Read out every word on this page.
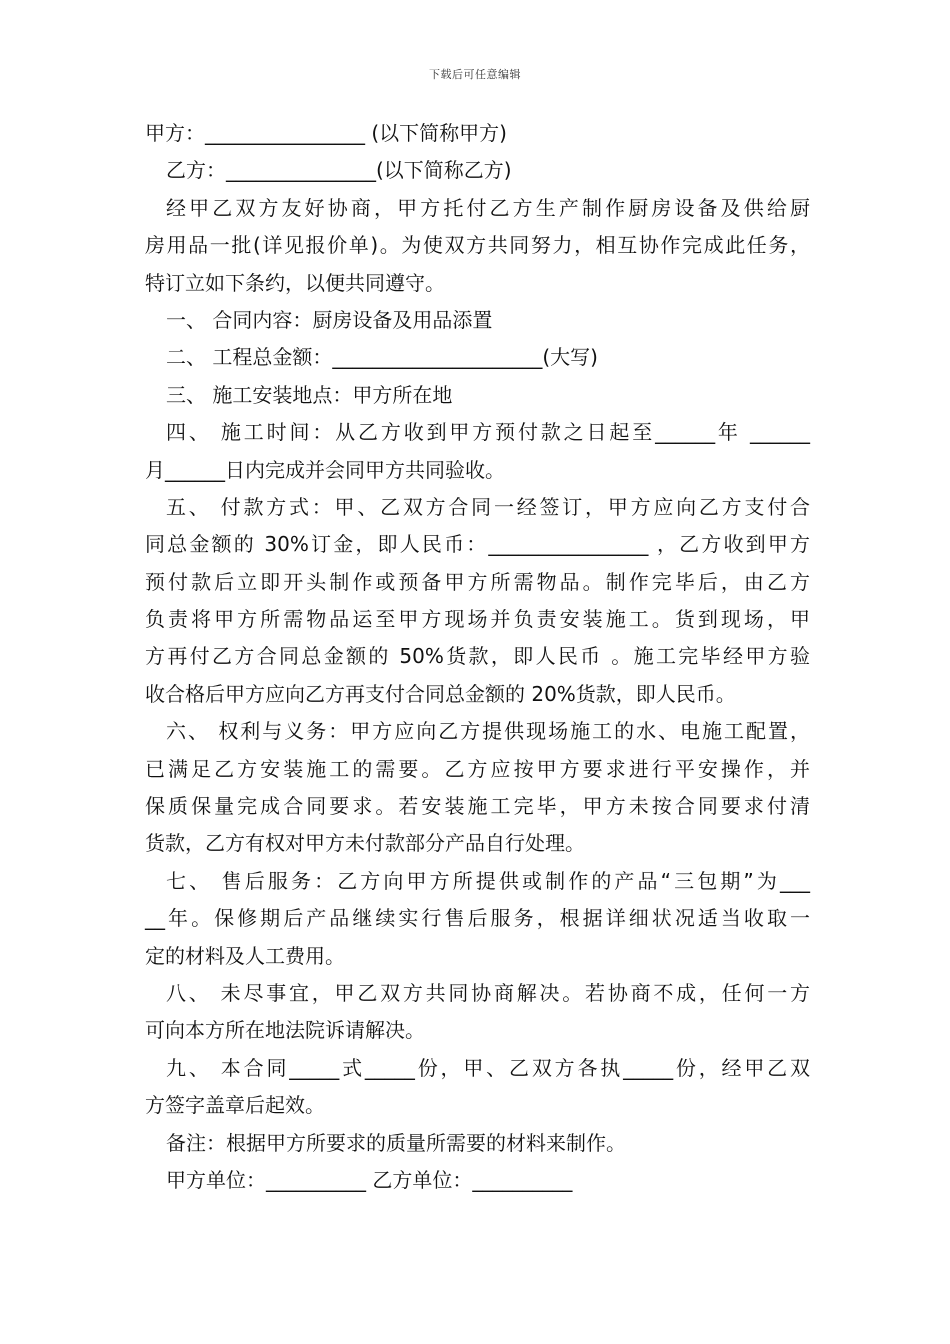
下载后可任意编辑
甲方：________________ (以下简称甲方)
乙方：_______________(以下简称乙方)
经甲乙双方友好协商，甲方托付乙方生产制作厨房设备及供给厨
房用品一批(详见报价单)。为使双方共同努力，相互协作完成此任务，
特订立如下条约，以便共同遵守。
一、 合同内容：厨房设备及用品添置
二、 工程总金额：_____________________(大写)
三、 施工安装地点：甲方所在地
四、 施工时间：从乙方收到甲方预付款之日起至______年 ______
月______日内完成并会同甲方共同验收。
五、 付款方式：甲、乙双方合同一经签订，甲方应向乙方支付合
同总金额的 30%订金，即人民币：________________ ，乙方收到甲方
预付款后立即开头制作或预备甲方所需物品。制作完毕后，由乙方
负责将甲方所需物品运至甲方现场并负责安装施工。货到现场，甲
方再付乙方合同总金额的 50%货款，即人民币 。施工完毕经甲方验
收合格后甲方应向乙方再支付合同总金额的 20%货款，即人民币。
六、 权利与义务：甲方应向乙方提供现场施工的水、电施工配置，
已满足乙方安装施工的需要。乙方应按甲方要求进行平安操作，并
保质保量完成合同要求。若安装施工完毕，甲方未按合同要求付清
货款，乙方有权对甲方未付款部分产品自行处理。
七、 售后服务：乙方向甲方所提供或制作的产品“三包期”为___
__年。保修期后产品继续实行售后服务，根据详细状况适当收取一
定的材料及人工费用。
八、 未尽事宜，甲乙双方共同协商解决。若协商不成，任何一方
可向本方所在地法院诉请解决。
九、 本合同_____式_____份，甲、乙双方各执_____份，经甲乙双
方签字盖章后起效。
备注：根据甲方所要求的质量所需要的材料来制作。
甲方单位：__________ 乙方单位：__________
